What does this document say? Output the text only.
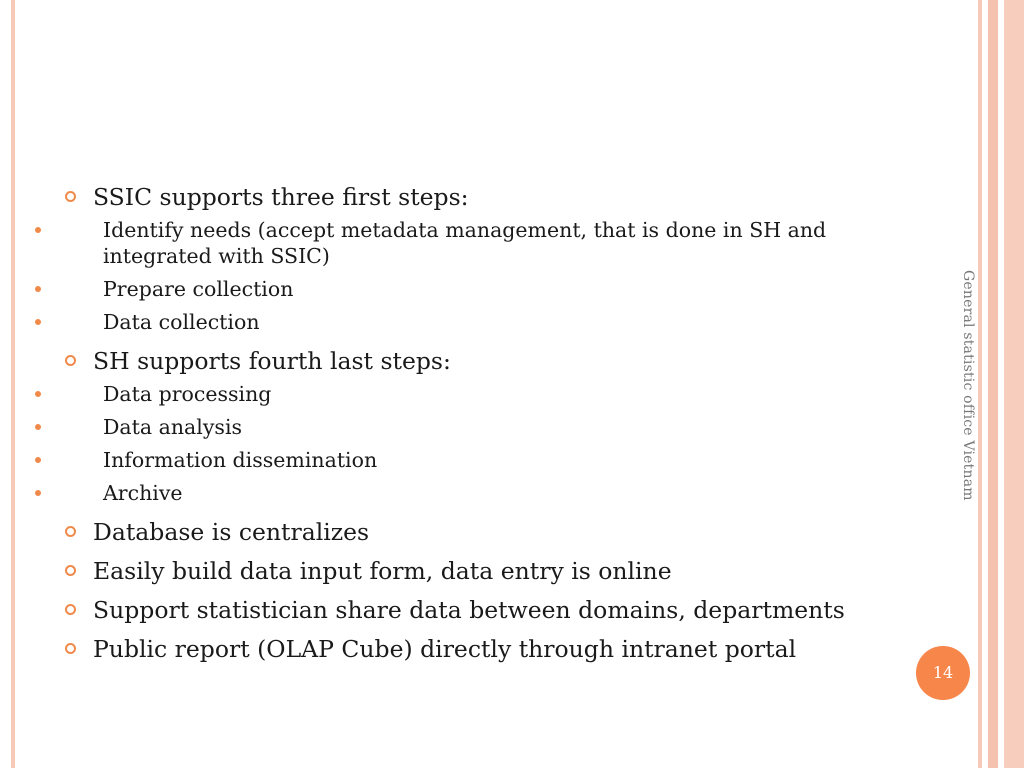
SSIC supports three first steps:
Identify needs (accept metadata management, that is done in SH and integrated with SSIC)
Prepare collection
Data collection
SH supports fourth last steps:
Data processing
Data analysis
Information dissemination
Archive
Database is centralizes
Easily build data input form, data entry is online
Support statistician share data between domains, departments
Public report (OLAP Cube) directly through intranet portal
General statistic office Vietnam
14
